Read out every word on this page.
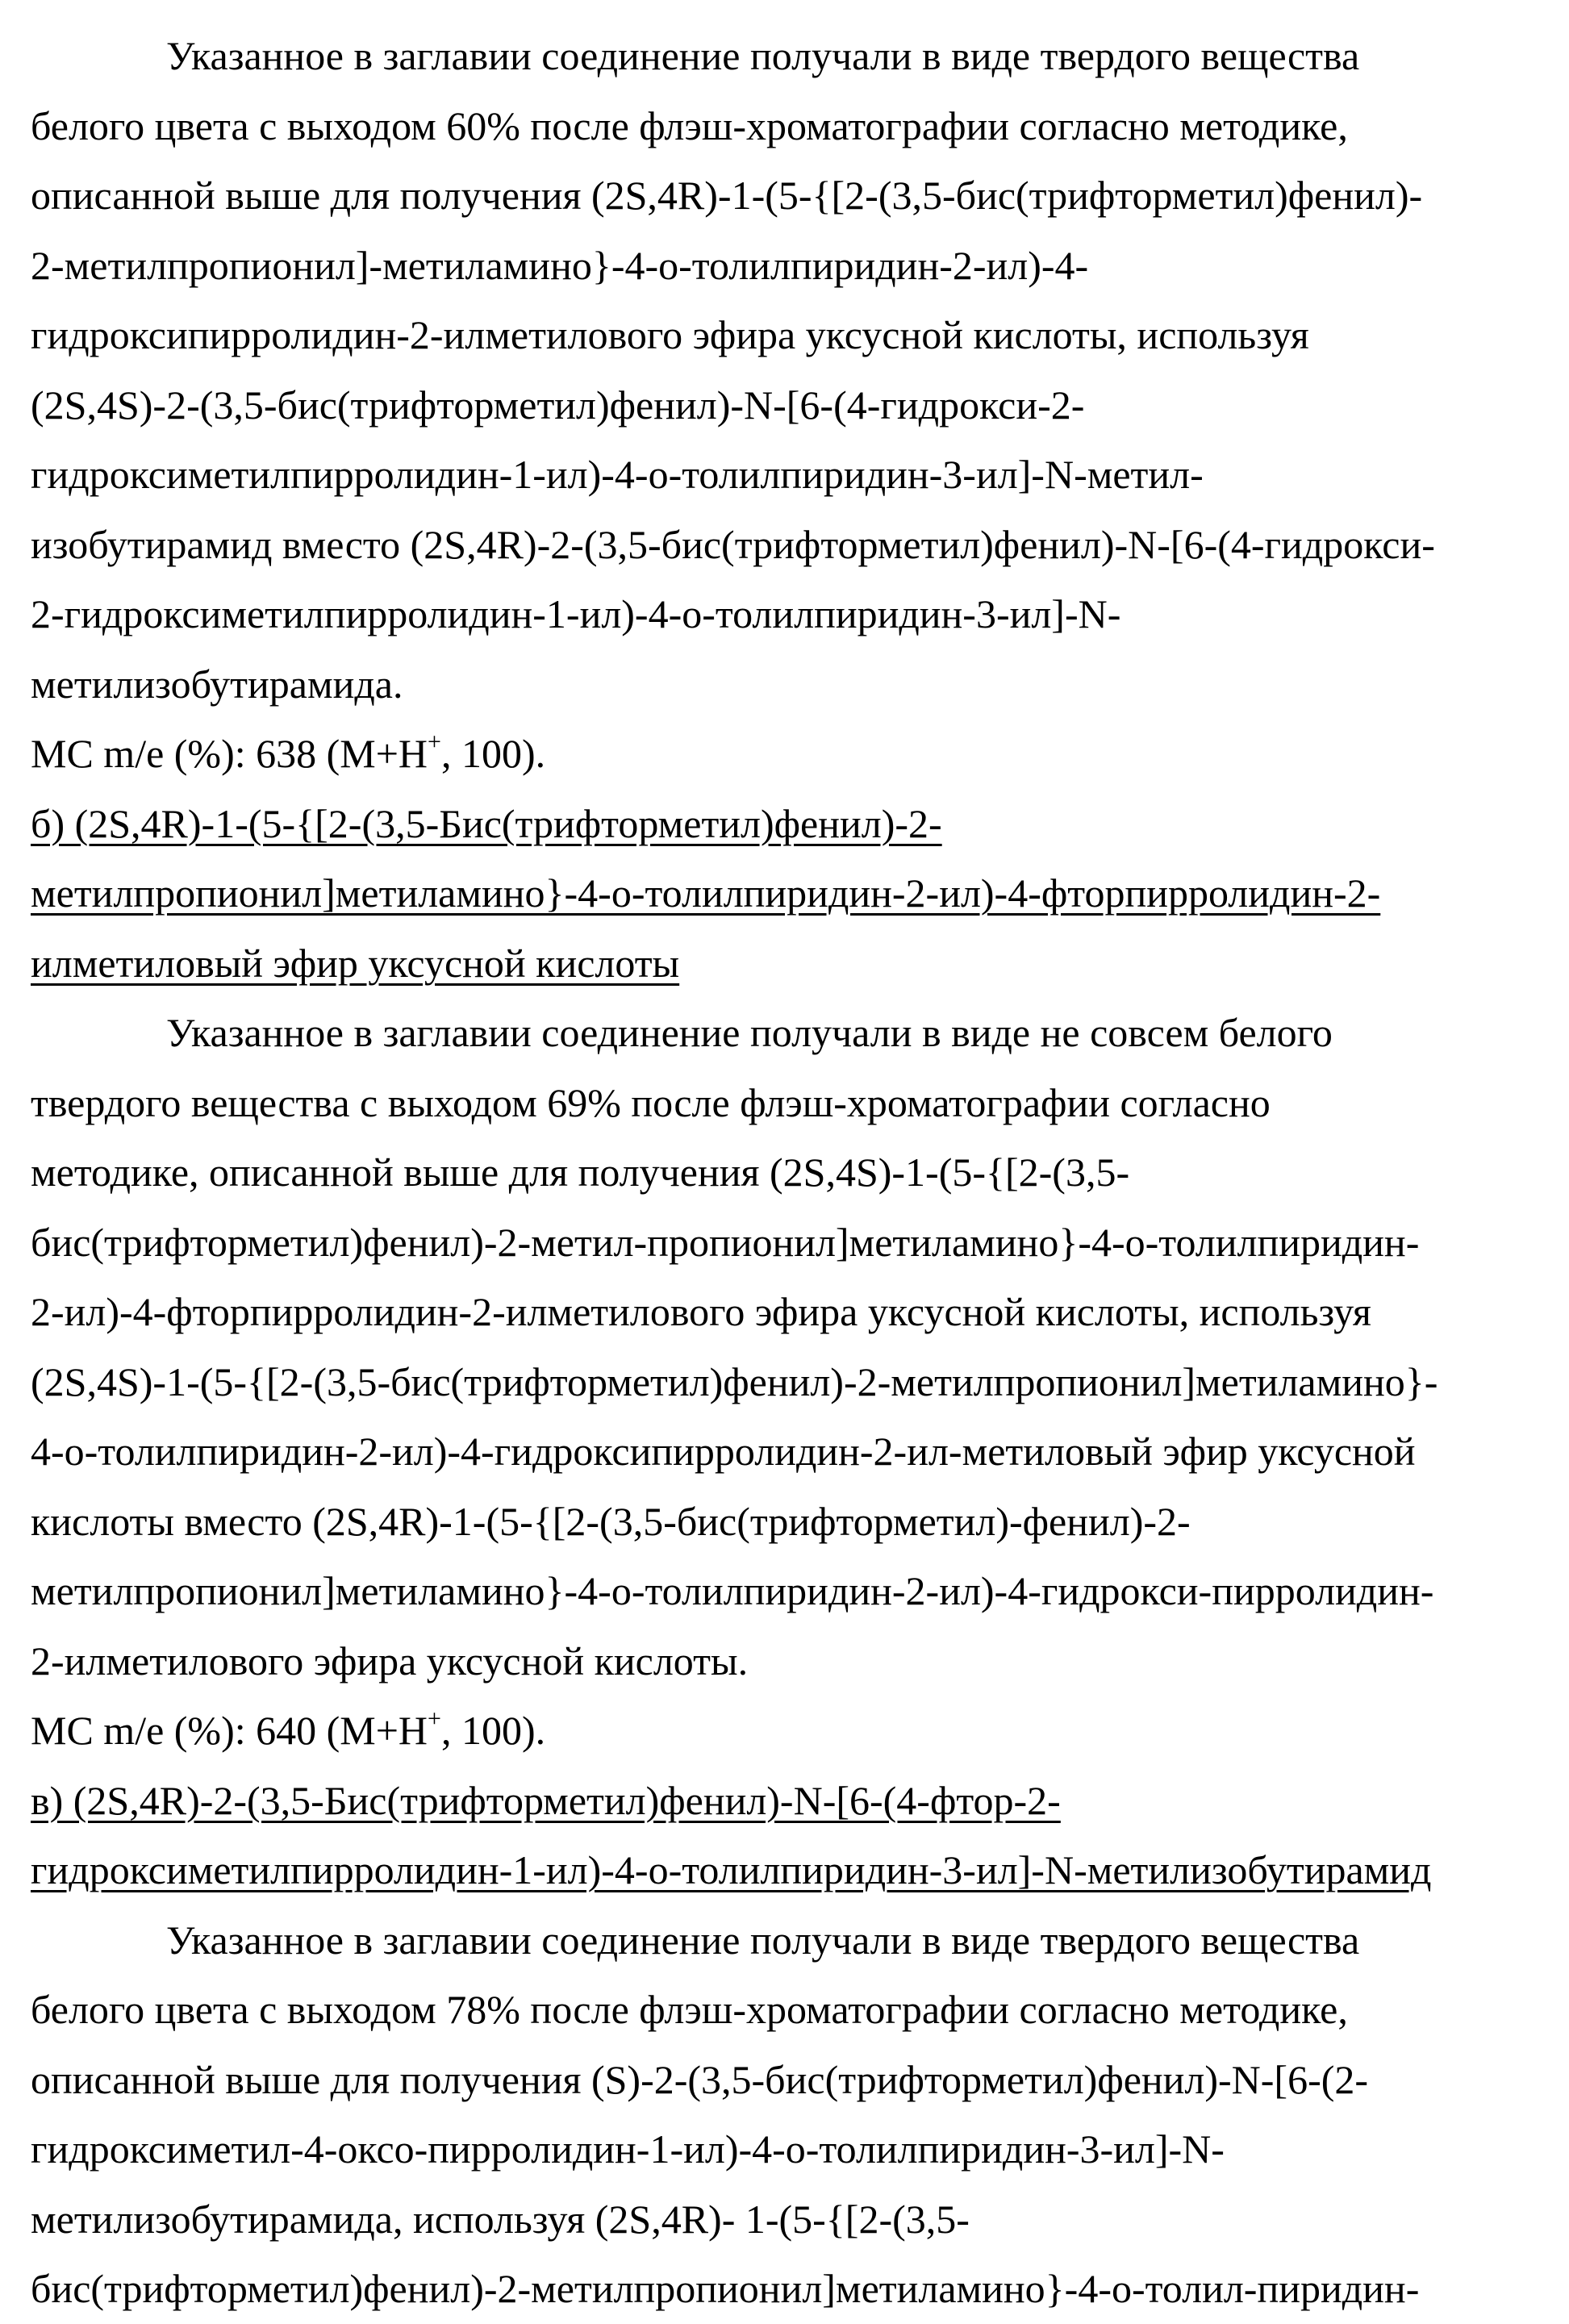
Указанное в заглавии соединение получали в виде твердого вещества
белого цвета с выходом 60% после флэш-хроматографии согласно методике,
описанной выше для получения (2S,4R)-1-(5-{[2-(3,5-бис(трифторметил)фенил)-
2-метилпропионил]-метиламино}-4-о-толилпиридин-2-ил)-4-
гидроксипирролидин-2-илметилового эфира уксусной кислоты, используя
(2S,4S)-2-(3,5-бис(трифторметил)фенил)-N-[6-(4-гидрокси-2-
гидроксиметилпирролидин-1-ил)-4-о-толилпиридин-3-ил]-N-метил-
изобутирамид вместо (2S,4R)-2-(3,5-бис(трифторметил)фенил)-N-[6-(4-гидрокси-
2-гидроксиметилпирролидин-1-ил)-4-о-толилпиридин-3-ил]-N-
метилизобутирамида.
МС m/e (%): 638 (M+H+, 100).
б) (2S,4R)-1-(5-{[2-(3,5-Бис(трифторметил)фенил)-2-
метилпропионил]метиламино}-4-о-толилпиридин-2-ил)-4-фторпирролидин-2-
илметиловый эфир уксусной кислоты
Указанное в заглавии соединение получали в виде не совсем белого
твердого вещества с выходом 69% после флэш-хроматографии согласно
методике, описанной выше для получения (2S,4S)-1-(5-{[2-(3,5-
бис(трифторметил)фенил)-2-метил-пропионил]метиламино}-4-о-толилпиридин-
2-ил)-4-фторпирролидин-2-илметилового эфира уксусной кислоты, используя
(2S,4S)-1-(5-{[2-(3,5-бис(трифторметил)фенил)-2-метилпропионил]метиламино}-
4-о-толилпиридин-2-ил)-4-гидроксипирролидин-2-ил-метиловый эфир уксусной
кислоты вместо (2S,4R)-1-(5-{[2-(3,5-бис(трифторметил)-фенил)-2-
метилпропионил]метиламино}-4-о-толилпиридин-2-ил)-4-гидрокси-пирролидин-
2-илметилового эфира уксусной кислоты.
МС m/e (%): 640 (M+H+, 100).
в) (2S,4R)-2-(3,5-Бис(трифторметил)фенил)-N-[6-(4-фтор-2-
гидроксиметилпирролидин-1-ил)-4-о-толилпиридин-3-ил]-N-метилизобутирамид
Указанное в заглавии соединение получали в виде твердого вещества
белого цвета с выходом 78% после флэш-хроматографии согласно методике,
описанной выше для получения (S)-2-(3,5-бис(трифторметил)фенил)-N-[6-(2-
гидроксиметил-4-оксо-пирролидин-1-ил)-4-о-толилпиридин-3-ил]-N-
метилизобутирамида, используя (2S,4R)- 1-(5-{[2-(3,5-
бис(трифторметил)фенил)-2-метилпропионил]метиламино}-4-о-толил-пиридин-
